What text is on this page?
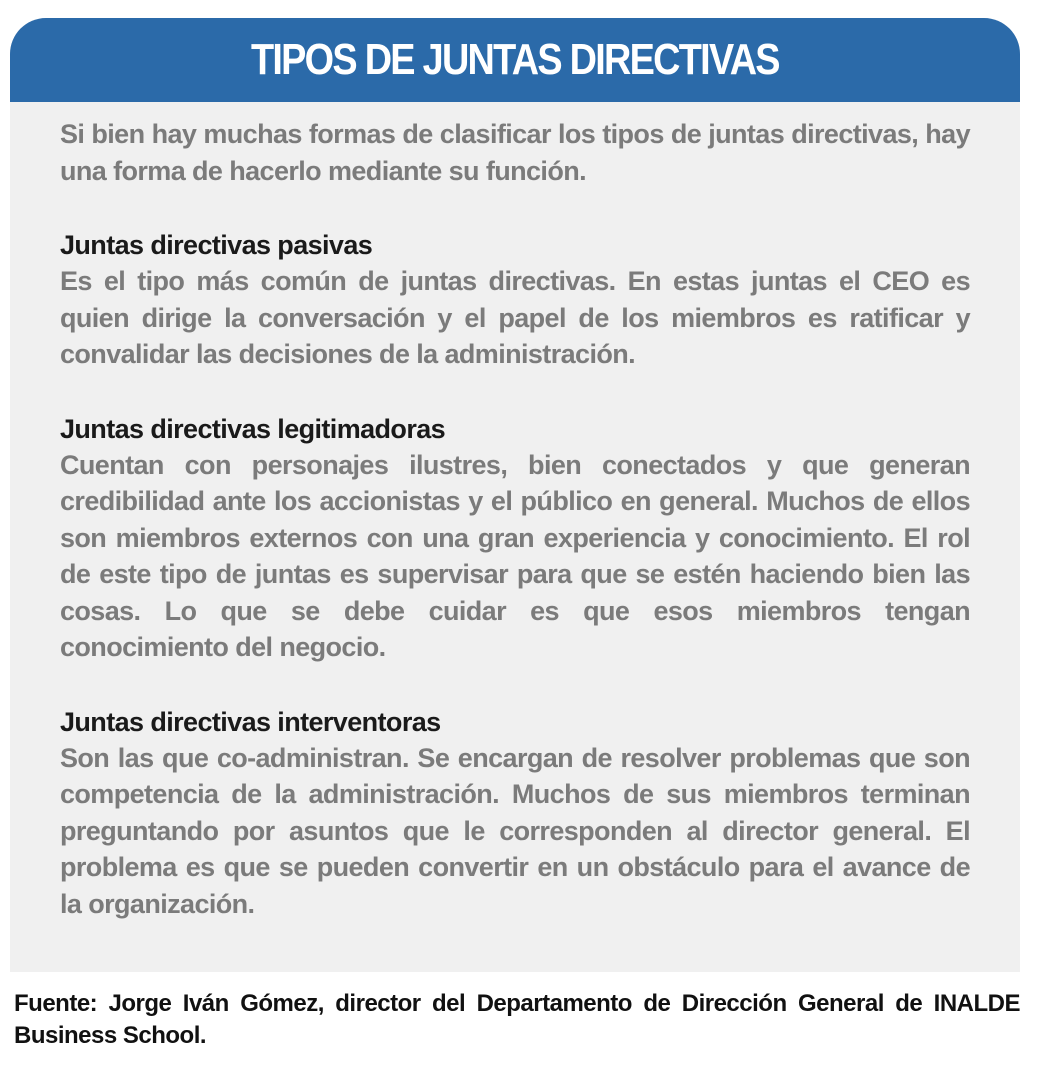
TIPOS DE JUNTAS DIRECTIVAS

Si bien hay muchas formas de clasificar los tipos de juntas directivas, hay una forma de hacerlo mediante su función.

Juntas directivas pasivas

Es el tipo más común de juntas directivas. En estas juntas el CEO es quien dirige la conversación y el papel de los miembros es ratificar y convalidar las decisiones de la administración.

Juntas directivas legitimadoras

Cuentan con personajes ilustres, bien conectados y que generan credibilidad ante los accionistas y el público en general. Muchos de ellos son miembros externos con una gran experiencia y conocimiento. El rol de este tipo de juntas es supervisar para que se estén haciendo bien las cosas. Lo que se debe cuidar es que esos miembros tengan conocimiento del negocio.

Juntas directivas interventoras

Son las que co-administran. Se encargan de resolver problemas que son competencia de la administración. Muchos de sus miembros terminan preguntando por asuntos que le corresponden al director general. El problema es que se pueden convertir en un obstáculo para el avance de la organización.

Fuente: Jorge Iván Gómez, director del Departamento de Dirección General de INALDE Business School.
